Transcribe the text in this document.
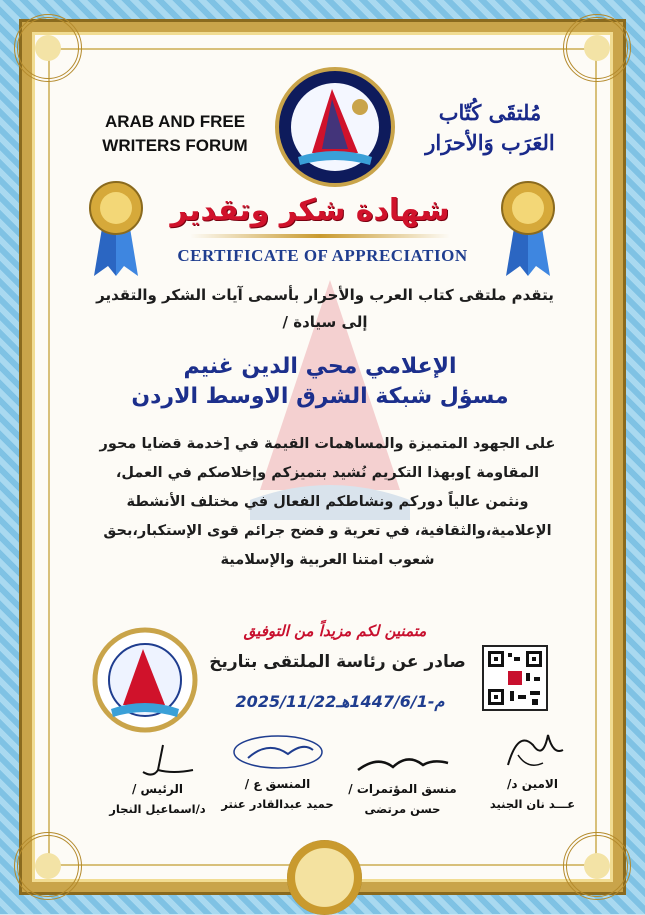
ARAB AND FREE WRITERS FORUM
مُلتقَى كُتّاب العَرَب وَالأحرَار
شهادة شكر وتقدير
CERTIFICATE OF APPRECIATION
يتقدم ملتقى كتاب العرب والأحرار بأسمى آيات الشكر والتقدير إلى سيادة /
الإعلامي محي الدين غنيم
مسؤل شبكة الشرق الاوسط الاردن
على الجهود المتميزة والمساهمات القيمة في [خدمة قضايا محور المقاومة ]وبهذا التكريم نُشيد بتميزكم وإخلاصكم في العمل، ونثمن عالياً دوركم ونشاطكم الفعال في مختلف الأنشطة الإعلامية،والثقافية، في تعرية و فضح جرائم قوى الإستكبار،بحق شعوب امتنا العربية والإسلامية
متمنين لكم مزيداً من التوفيق
صادر عن رئاسة الملتقى بتاريخ
2025/11/22م-1447/6/1هـ
الامين د/
عـــد نان الجنيد
منسق المؤتمرات /
حسن مرتضى
المنسق ع /
حميد عبدالقادر عنتر
الرئيس /
د/اسماعيل النجار
